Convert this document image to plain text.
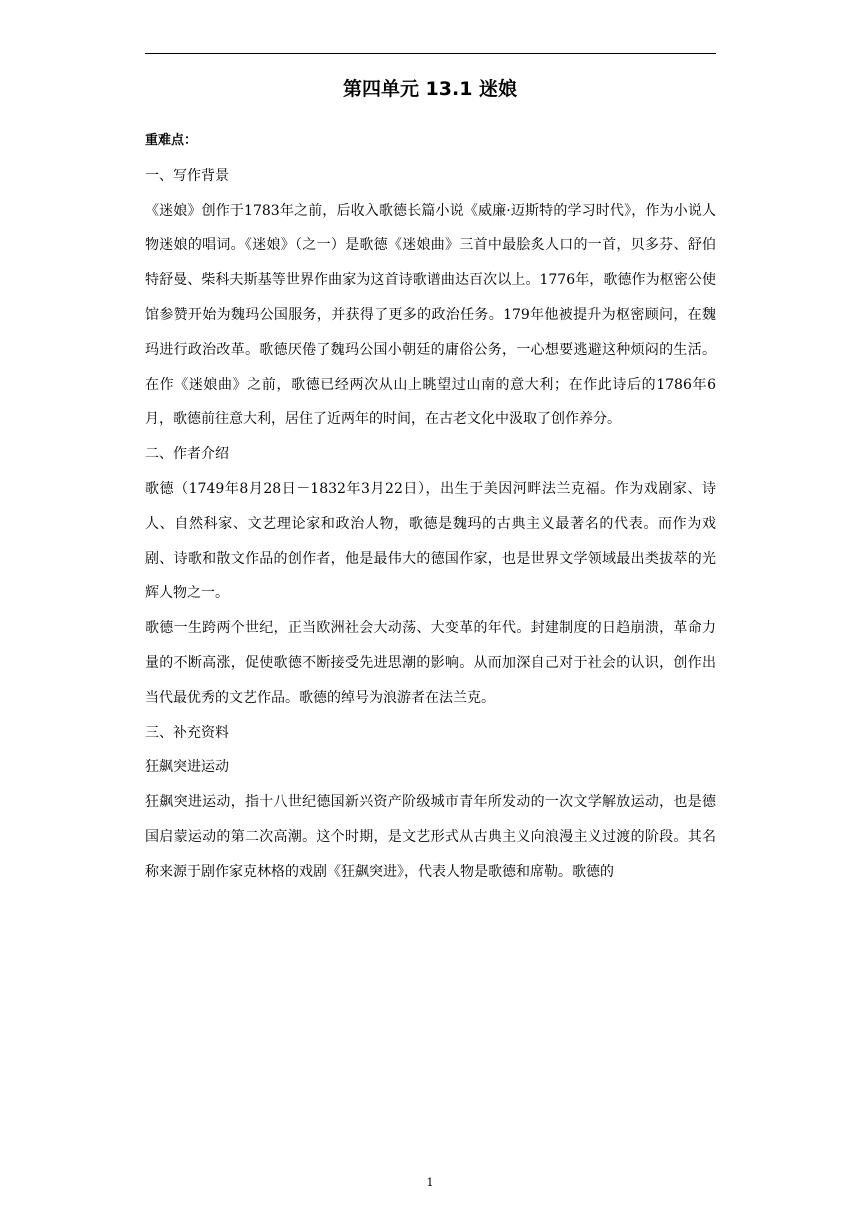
第四单元 13.1 迷娘

重难点：

一、写作背景

《迷娘》创作于1783年之前，后收入歌德长篇小说《威廉·迈斯特的学习时代》，作为小说人物迷娘的唱词。《迷娘》（之一）是歌德《迷娘曲》三首中最脍炙人口的一首，贝多芬、舒伯特舒曼、柴科夫斯基等世界作曲家为这首诗歌谱曲达百次以上。1776年，歌德作为枢密公使馆参赞开始为魏玛公国服务，并获得了更多的政治任务。179年他被提升为枢密顾问，在魏玛进行政治改革。歌德厌倦了魏玛公国小朝廷的庸俗公务，一心想要逃避这种烦闷的生活。在作《迷娘曲》之前，歌德已经两次从山上眺望过山南的意大利；在作此诗后的1786年6月，歌德前往意大利，居住了近两年的时间，在古老文化中汲取了创作养分。

二、作者介绍

歌德（1749年8月28日－1832年3月22日），出生于美因河畔法兰克福。作为戏剧家、诗人、自然科家、文艺理论家和政治人物，歌德是魏玛的古典主义最著名的代表。而作为戏剧、诗歌和散文作品的创作者，他是最伟大的德国作家，也是世界文学领域最出类拔萃的光辉人物之一。

歌德一生跨两个世纪，正当欧洲社会大动荡、大变革的年代。封建制度的日趋崩溃，革命力量的不断高涨，促使歌德不断接受先进思潮的影响。从而加深自己对于社会的认识，创作出当代最优秀的文艺作品。歌德的绰号为浪游者在法兰克。

三、补充资料

狂飙突进运动

狂飙突进运动，指十八世纪德国新兴资产阶级城市青年所发动的一次文学解放运动，也是德国启蒙运动的第二次高潮。这个时期，是文艺形式从古典主义向浪漫主义过渡的阶段。其名称来源于剧作家克林格的戏剧《狂飙突进》，代表人物是歌德和席勒。歌德的

1
